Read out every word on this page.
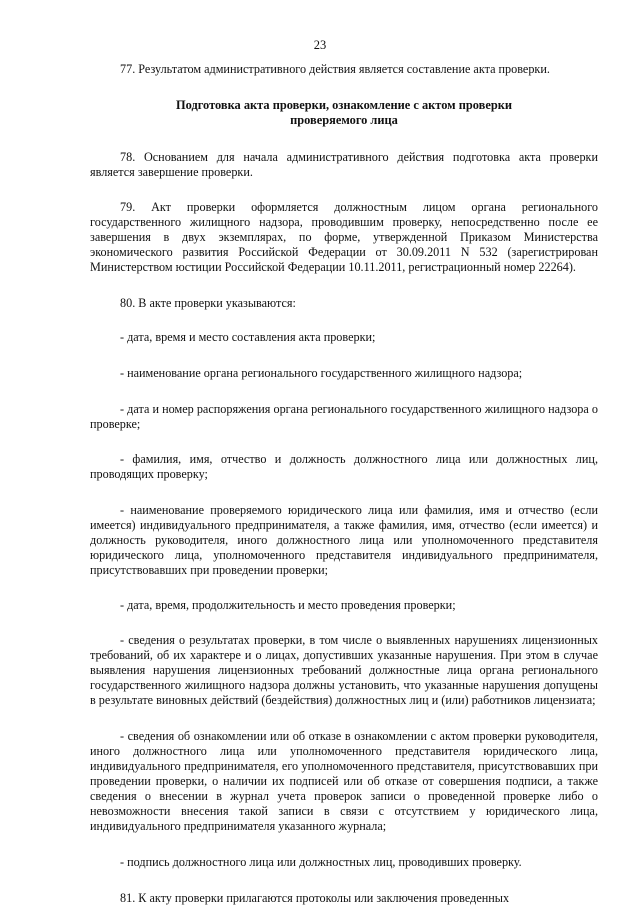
23

77. Результатом административного действия является составление акта проверки.

Подготовка акта проверки, ознакомление с актом проверки
проверяемого лица

78. Основанием для начала административного действия подготовка акта проверки является завершение проверки.

79. Акт проверки оформляется должностным лицом органа регионального государственного жилищного надзора, проводившим проверку, непосредственно после ее завершения в двух экземплярах, по форме, утвержденной Приказом Министерства экономического развития Российской Федерации от 30.09.2011 N 532 (зарегистрирован Министерством юстиции Российской Федерации 10.11.2011, регистрационный номер 22264).

80. В акте проверки указываются:

- дата, время и место составления акта проверки;

- наименование органа регионального государственного жилищного надзора;

- дата и номер распоряжения органа регионального государственного жилищного надзора о проверке;

- фамилия, имя, отчество и должность должностного лица или должностных лиц, проводящих проверку;

- наименование проверяемого юридического лица или фамилия, имя и отчество (если имеется) индивидуального предпринимателя, а также фамилия, имя, отчество (если имеется) и должность руководителя, иного должностного лица или уполномоченного представителя юридического лица, уполномоченного представителя индивидуального предпринимателя, присутствовавших при проведении проверки;

- дата, время, продолжительность и место проведения проверки;

- сведения о результатах проверки, в том числе о выявленных нарушениях лицензионных требований, об их характере и о лицах, допустивших указанные нарушения. При этом в случае выявления нарушения лицензионных требований должностные лица органа регионального государственного жилищного надзора должны установить, что указанные нарушения допущены в результате виновных действий (бездействия) должностных лиц и (или) работников лицензиата;

- сведения об ознакомлении или об отказе в ознакомлении с актом проверки руководителя, иного должностного лица или уполномоченного представителя юридического лица, индивидуального предпринимателя, его уполномоченного представителя, присутствовавших при проведении проверки, о наличии их подписей или об отказе от совершения подписи, а также сведения о внесении в журнал учета проверок записи о проведенной проверке либо о невозможности внесения такой записи в связи с отсутствием у юридического лица, индивидуального предпринимателя указанного журнала;

- подпись должностного лица или должностных лиц, проводивших проверку.

81. К акту проверки прилагаются протоколы или заключения проведенных
